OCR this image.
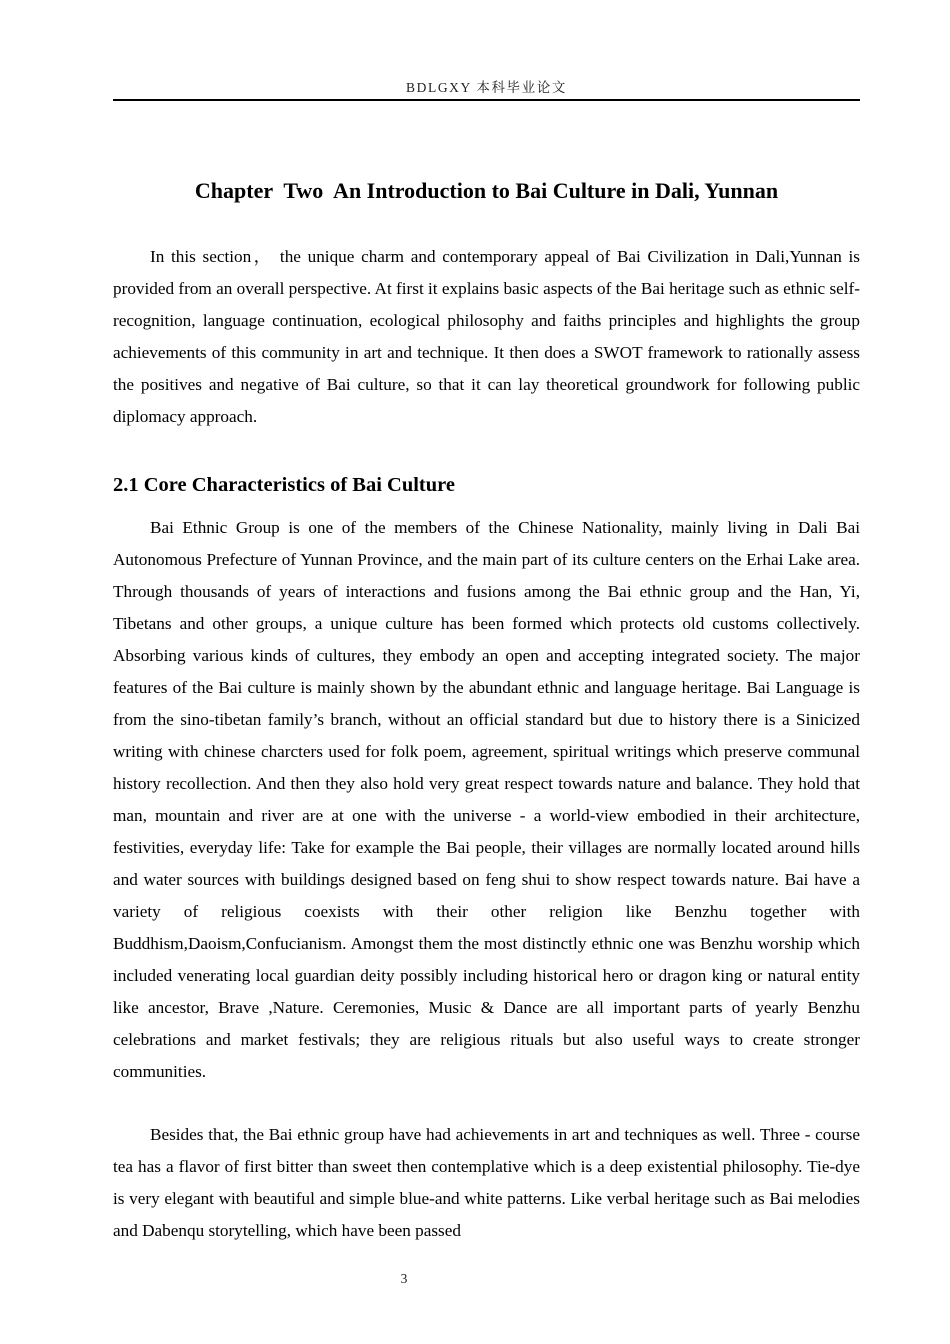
BDLGXY 本科毕业论文
Chapter  Two  An Introduction to Bai Culture in Dali, Yunnan

In this section， the unique charm and contemporary appeal of Bai Civilization in Dali,Yunnan is provided from an overall perspective. At first it explains basic aspects of the Bai heritage such as ethnic self-recognition, language continuation, ecological philosophy and faiths principles and highlights the group achievements of this community in art and technique. It then does a SWOT framework to rationally assess the positives and negative of Bai culture, so that it can lay theoretical groundwork for following public diplomacy approach.

2.1 Core Characteristics of Bai Culture

Bai Ethnic Group is one of the members of the Chinese Nationality, mainly living in Dali Bai Autonomous Prefecture of Yunnan Province, and the main part of its culture centers on the Erhai Lake area. Through thousands of years of interactions and fusions among the Bai ethnic group and the Han, Yi, Tibetans and other groups, a unique culture has been formed which protects old customs collectively. Absorbing various kinds of cultures, they embody an open and accepting integrated society. The major features of the Bai culture is mainly shown by the abundant ethnic and language heritage. Bai Language is from the sino-tibetan family’s branch, without an official standard but due to history there is a Sinicized writing with chinese charcters used for folk poem, agreement, spiritual writings which preserve communal history recollection. And then they also hold very great respect towards nature and balance. They hold that man, mountain and river are at one with the universe - a world-view embodied in their architecture, festivities, everyday life: Take for example the Bai people, their villages are normally located around hills and water sources with buildings designed based on feng shui to show respect towards nature. Bai have a variety of religious coexists with their other religion like Benzhu together with Buddhism,Daoism,Confucianism. Amongst them the most distinctly ethnic one was Benzhu worship which included venerating local guardian deity possibly including historical hero or dragon king or natural entity like ancestor, Brave ,Nature. Ceremonies, Music & Dance are all important parts of yearly Benzhu celebrations and market festivals; they are religious rituals but also useful ways to create stronger communities.

Besides that, the Bai ethnic group have had achievements in art and techniques as well. Three - course tea has a flavor of first bitter than sweet then contemplative which is a deep existential philosophy. Tie-dye is very elegant with beautiful and simple blue-and white patterns. Like verbal heritage such as Bai melodies and Dabenqu storytelling, which have been passed

3
